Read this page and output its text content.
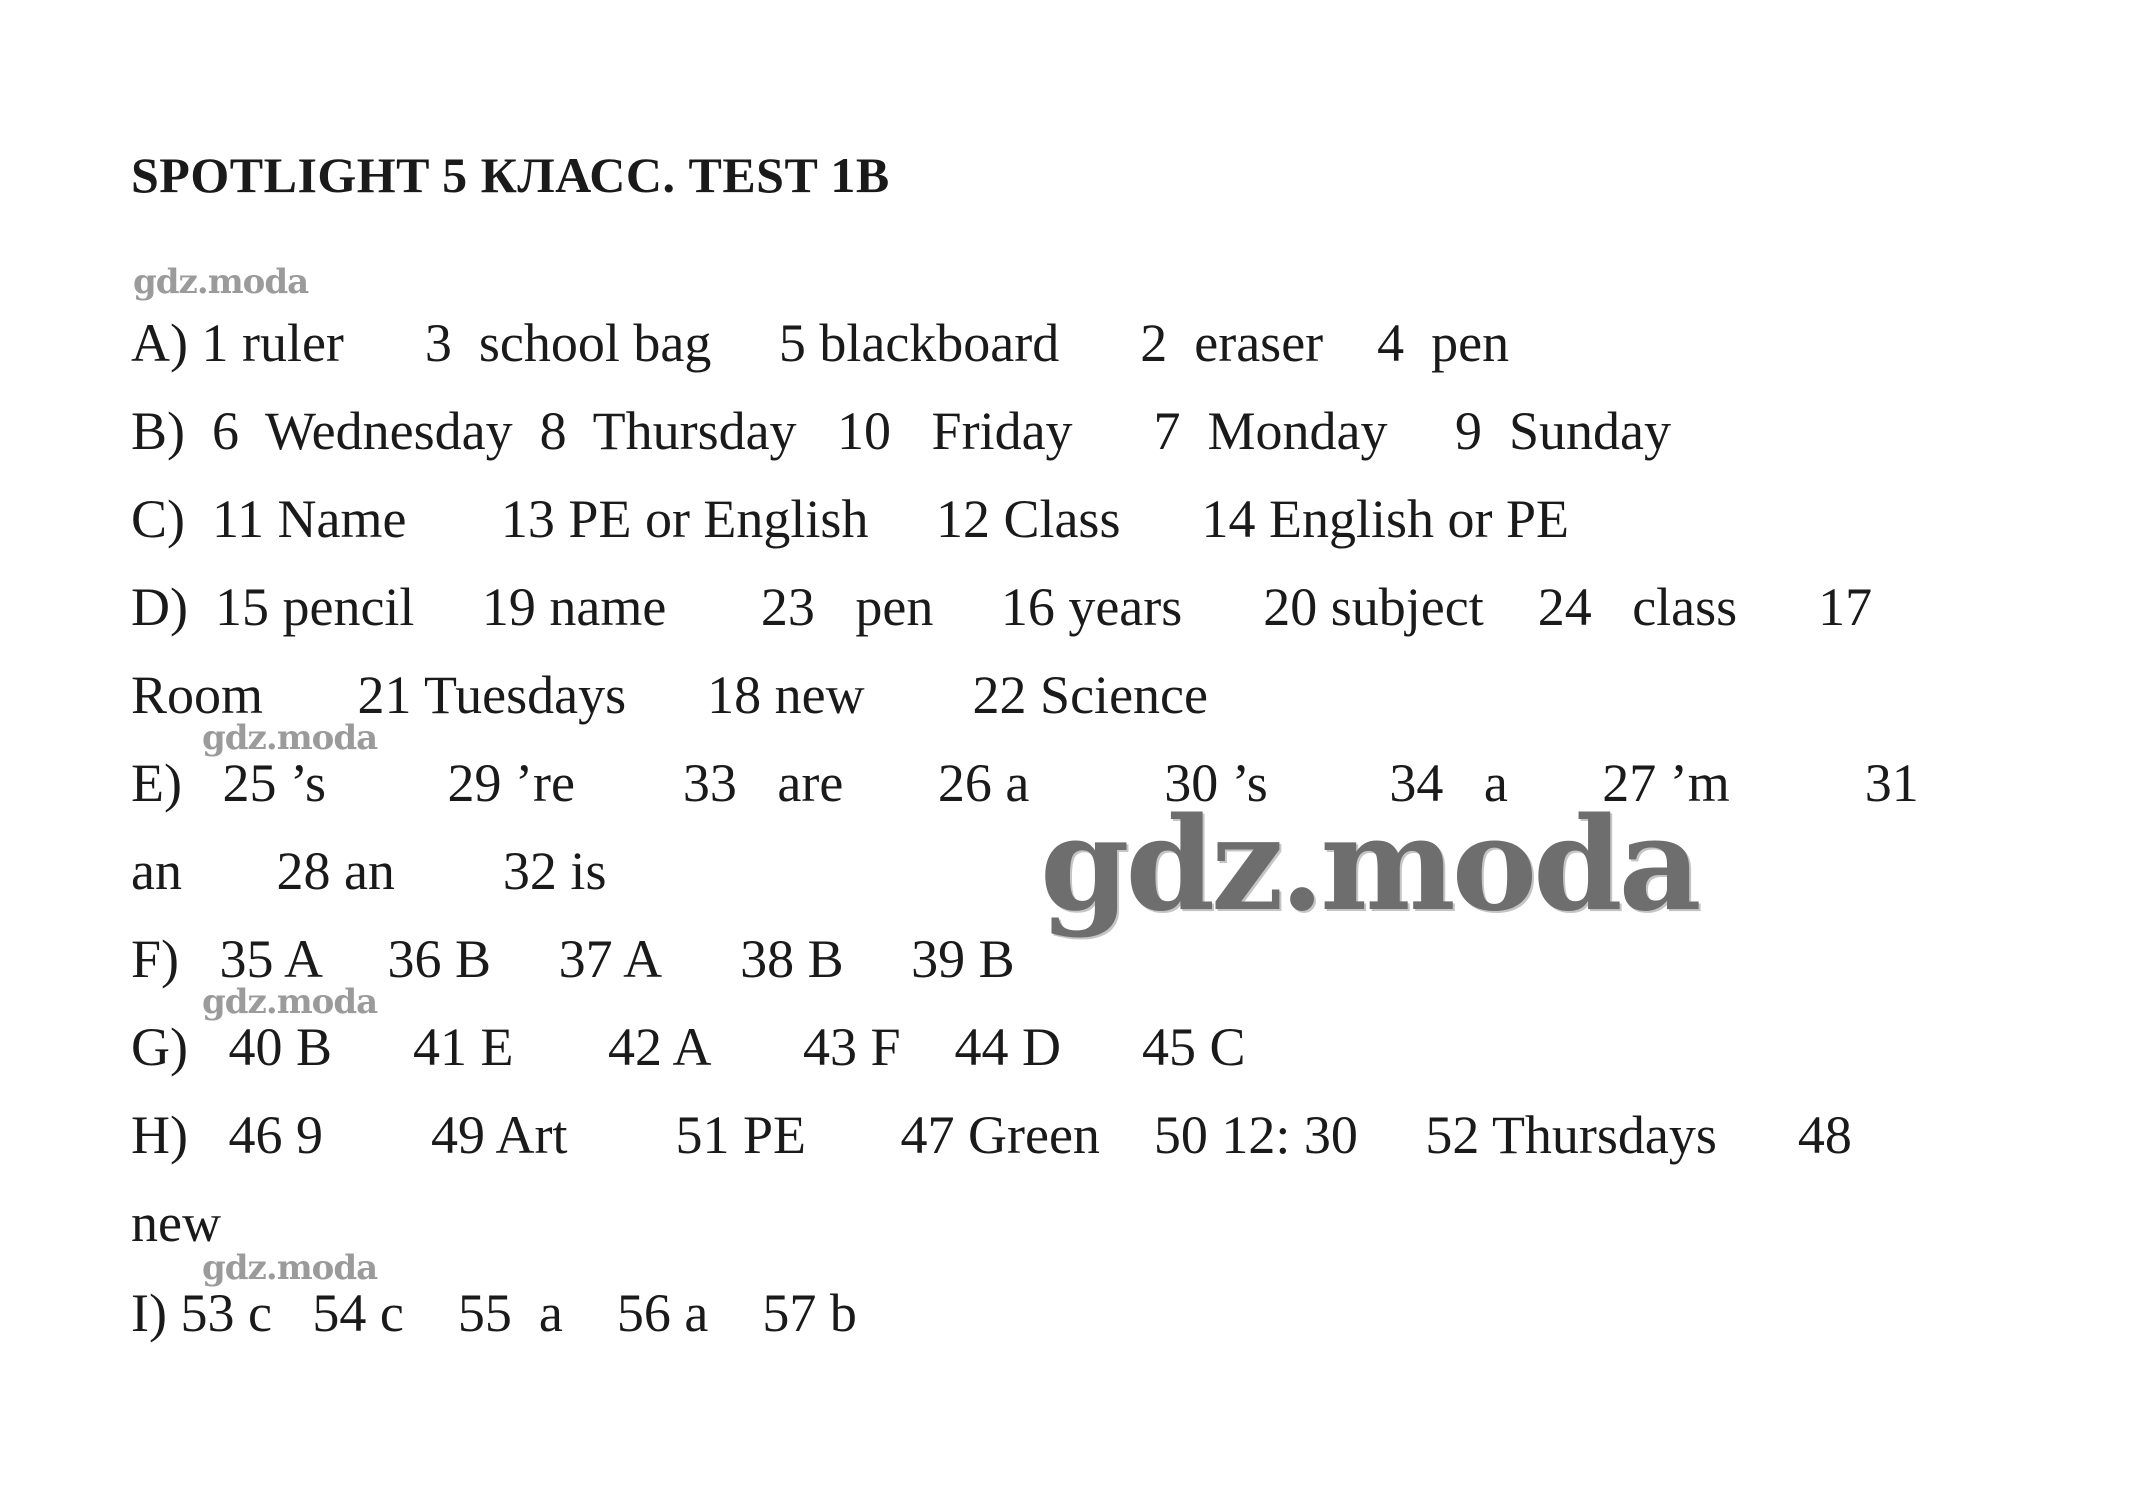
SPOTLIGHT 5 КЛАСС. TEST 1B
gdz.moda

A) 1 ruler      3  school bag     5 blackboard      2  eraser    4  pen

B)  6  Wednesday  8  Thursday   10   Friday      7  Monday     9  Sunday

C)  11 Name       13 PE or English     12 Class      14 English or PE

D)  15 pencil     19 name       23   pen     16 years      20 subject    24   class      17

Room       21 Tuesdays      18 new        22 Science

gdz.moda

E)   25 ’s         29 ’re        33   are       26 a          30 ’s         34   a       27 ’m          31

an       28 an        32 is	gdz.moda

F)   35 A     36 B     37 A      38 B     39 B

gdz.moda

G)   40 B      41 E       42 A       43 F    44 D      45 C

H)   46 9        49 Art        51 PE       47 Green    50 12: 30     52 Thursdays      48

new

gdz.moda

I) 53 c   54 c    55  a    56 a    57 b
